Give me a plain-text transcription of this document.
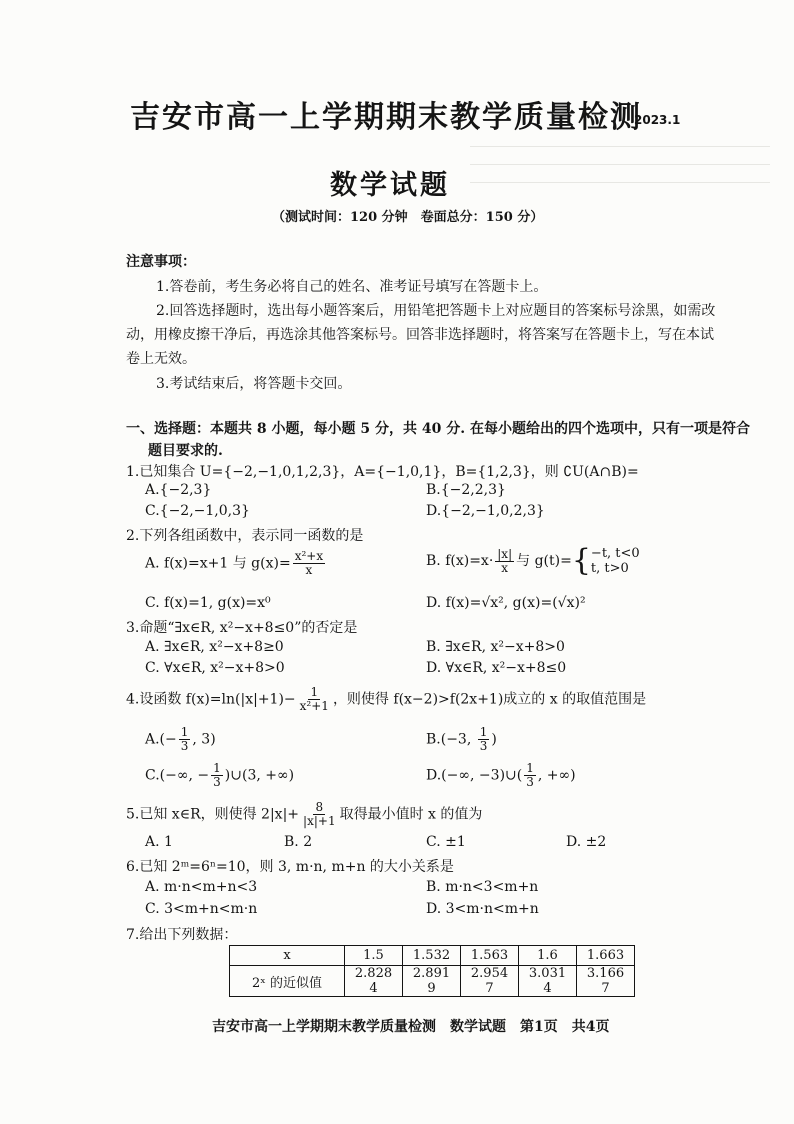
吉安市高一上学期期末教学质量检测
2023.1
数学试题
（测试时间：120 分钟　卷面总分：150 分）
注意事项：
1.答卷前，考生务必将自己的姓名、准考证号填写在答题卡上。
2.回答选择题时，选出每小题答案后，用铅笔把答题卡上对应题目的答案标号涂黑，如需改
动，用橡皮擦干净后，再选涂其他答案标号。回答非选择题时，将答案写在答题卡上，写在本试
卷上无效。
3.考试结束后，将答题卡交回。
一、选择题：本题共 8 小题，每小题 5 分，共 40 分. 在每小题给出的四个选项中，只有一项是符合
题目要求的.
1.已知集合 U={−2,−1,0,1,2,3}，A={−1,0,1}，B={1,2,3}，则 ∁U(A∩B)=
A.{−2,3}	B.{−2,2,3}
C.{−2,−1,0,3}	D.{−2,−1,0,2,3}
2.下列各组函数中，表示同一函数的是
A. f(x)=x+1 与 $g(x)= \frac{\text{x²+x}}{x}$	B. $f(x)=x\cdot \frac{|x|}{x}$ 与 g(t)= { −t, t<0
t, t>0
C. f(x)=1, g(x)=x⁰	D. f(x)=√x², g(x)=(√x)²
3.命题“∃x∈R, x²−x+8≤0”的否定是
A. ∃x∈R, x²−x+8≥0	B. ∃x∈R, x²−x+8>0
C. ∀x∈R, x²−x+8>0	D. ∀x∈R, x²−x+8≤0
4.设函数 $f(x)=\ln(|x|+1)- \frac{1}{\text{x²+1}}$ ，则使得 f(x−2)>f(2x+1)成立的 x 的取值范围是
$A.(- \frac{1}{3}$ , 3)	B.(−3, $\frac{1}{3}$ )
C.(−∞, − $\frac{1}{3}$ )∪(3, +∞)	D.(−∞, −3)∪( $\frac{1}{3}$ , +∞)
5.已知 x∈R，则使得 $2|x|+ \frac{8}{|x|+1}$ 取得最小值时 x 的值为
A. 1	B. 2	C. ±1	D. ±2
6.已知 2ᵐ=6ⁿ=10，则 3, m·n, m+n 的大小关系是
A. m·n<m+n<3	B. m·n<3<m+n
C. 3<m+n<m·n	D. 3<m·n<m+n
7.给出下列数据：
x	1.5	1.532	1.563	1.6	1.663
2ˣ 的近似值	2.828 4	2.891 9	2.954 7	3.031 4	3.166 7
吉安市高一上学期期末教学质量检测　数学试题　第1页　共4页
